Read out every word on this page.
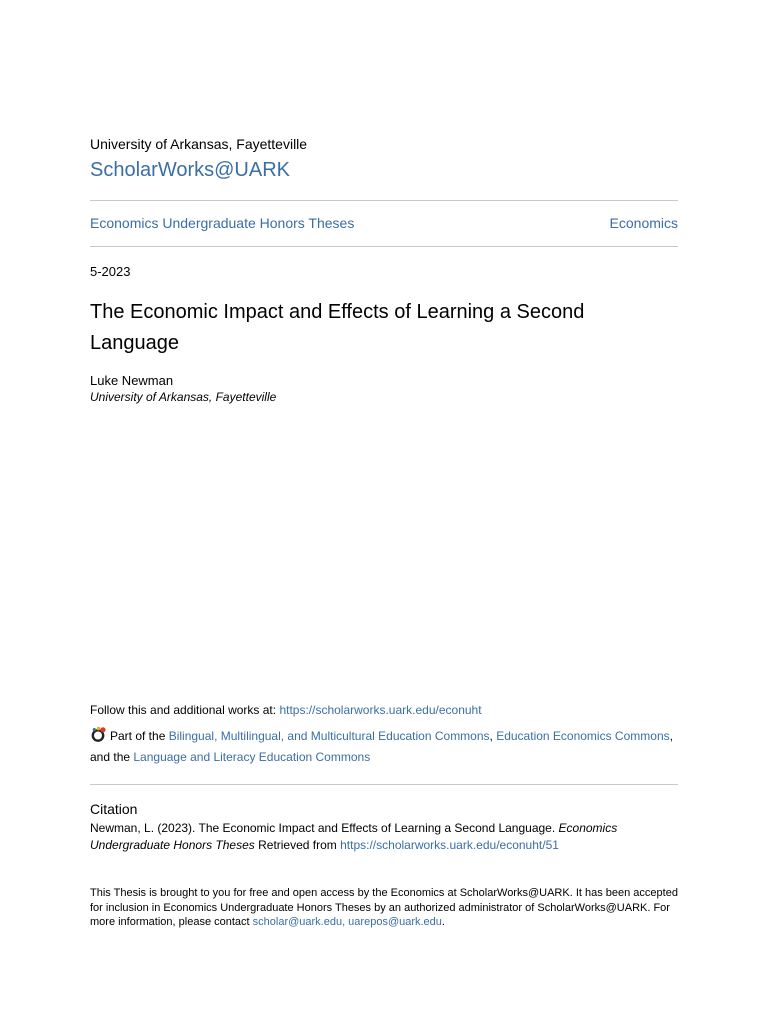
University of Arkansas, Fayetteville
ScholarWorks@UARK
Economics Undergraduate Honors Theses	Economics
5-2023
The Economic Impact and Effects of Learning a Second Language
Luke Newman
University of Arkansas, Fayetteville
Follow this and additional works at: https://scholarworks.uark.edu/econuht
Part of the Bilingual, Multilingual, and Multicultural Education Commons, Education Economics Commons, and the Language and Literacy Education Commons
Citation
Newman, L. (2023). The Economic Impact and Effects of Learning a Second Language. Economics Undergraduate Honors Theses Retrieved from https://scholarworks.uark.edu/econuht/51
This Thesis is brought to you for free and open access by the Economics at ScholarWorks@UARK. It has been accepted for inclusion in Economics Undergraduate Honors Theses by an authorized administrator of ScholarWorks@UARK. For more information, please contact scholar@uark.edu, uarepos@uark.edu.
